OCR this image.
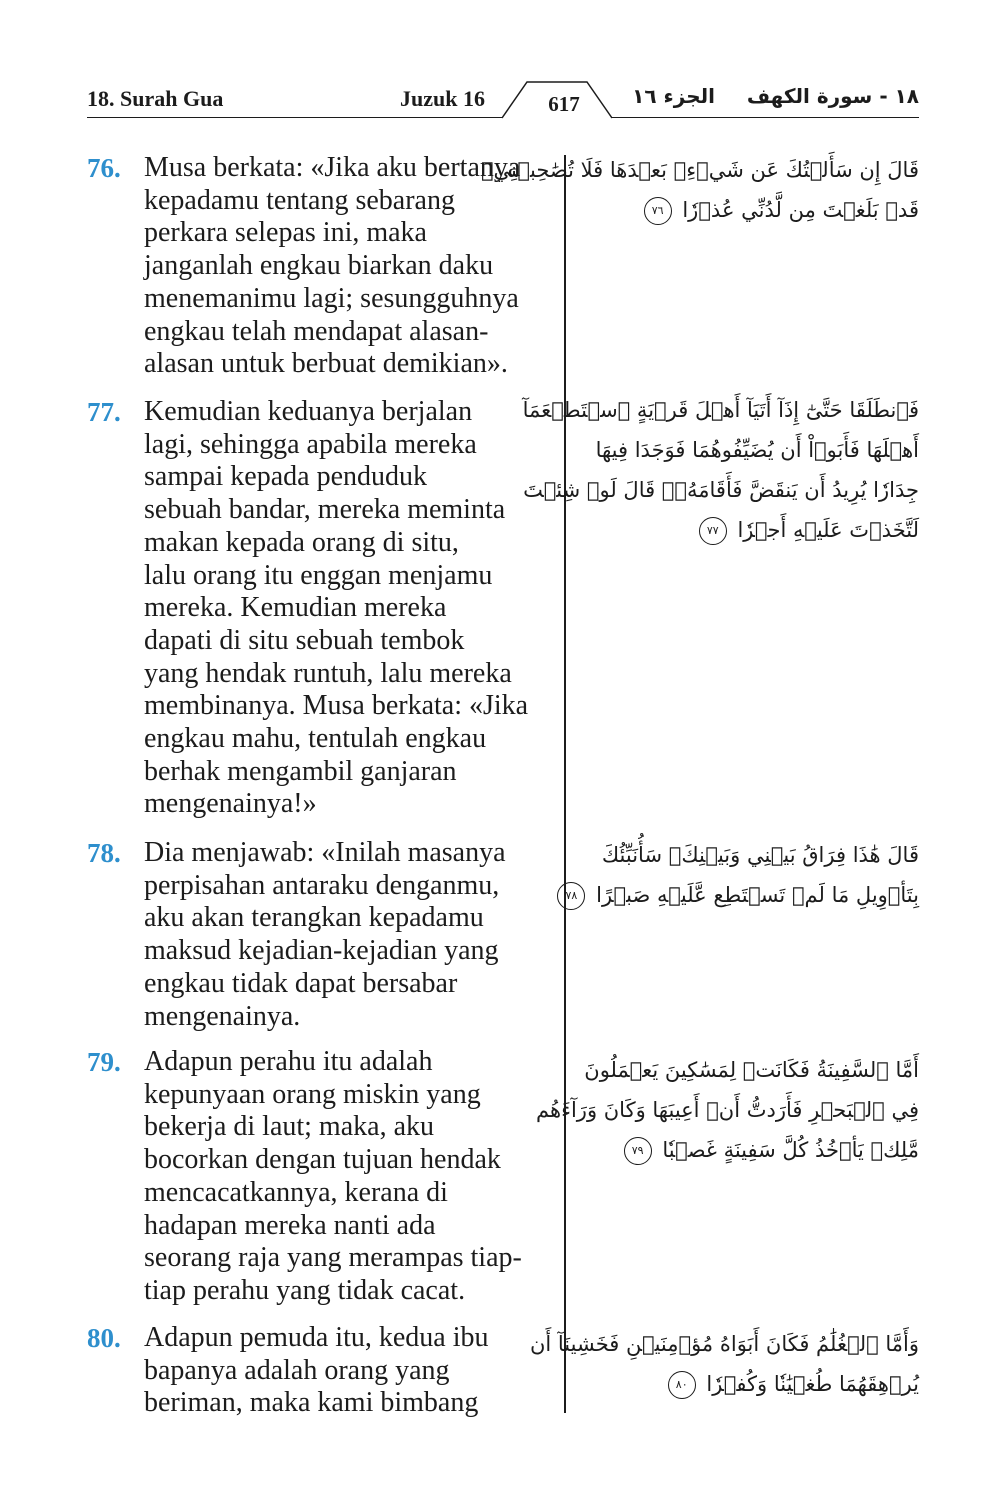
18. Surah Gua	Juzuk 16	617	الجزء ١٦	١٨ - سورة الكهف
76. Musa berkata: «Jika aku bertanya
kepadamu tentang sebarang
perkara selepas ini, maka
janganlah engkau biarkan daku
menemanimu lagi; sesungguhnya
engkau telah mendapat alasan-
alasan untuk berbuat demikian».
قَالَ إِن سَأَلۡتُكَ عَن شَيۡءِۭ بَعۡدَهَا فَلَا تُصَٰحِبۡنِيۖ
قَدۡ بَلَغۡتَ مِن لَّدُنِّي عُذۡرٗا ٧٦
77. Kemudian keduanya berjalan
lagi, sehingga apabila mereka
sampai kepada penduduk
sebuah bandar, mereka meminta
makan kepada orang di situ,
lalu orang itu enggan menjamu
mereka. Kemudian mereka
dapati di situ sebuah tembok
yang hendak runtuh, lalu mereka
membinanya. Musa berkata: «Jika
engkau mahu, tentulah engkau
berhak mengambil ganjaran
mengenainya!»
فَٱنطَلَقَا حَتَّىٰٓ إِذَآ أَتَيَآ أَهۡلَ قَرۡيَةٍ ٱسۡتَطۡعَمَآ
أَهۡلَهَا فَأَبَوۡاْ أَن يُضَيِّفُوهُمَا فَوَجَدَا فِيهَا
جِدَارٗا يُرِيدُ أَن يَنقَضَّ فَأَقَامَهُۥۖ قَالَ لَوۡ شِئۡتَ
لَتَّخَذۡتَ عَلَيۡهِ أَجۡرٗا ٧٧
78. Dia menjawab: «Inilah masanya
perpisahan antaraku denganmu,
aku akan terangkan kepadamu
maksud kejadian-kejadian yang
engkau tidak dapat bersabar
mengenainya.
قَالَ هَٰذَا فِرَاقُ بَيۡنِي وَبَيۡنِكَۚ سَأُنَبِّئُكَ
بِتَأۡوِيلِ مَا لَمۡ تَسۡتَطِع عَّلَيۡهِ صَبۡرًا ٧٨
79. Adapun perahu itu adalah
kepunyaan orang miskin yang
bekerja di laut; maka, aku
bocorkan dengan tujuan hendak
mencacatkannya, kerana di
hadapan mereka nanti ada
seorang raja yang merampas tiap-
tiap perahu yang tidak cacat.
أَمَّا ٱلسَّفِينَةُ فَكَانَتۡ لِمَسَٰكِينَ يَعۡمَلُونَ
فِي ٱلۡبَحۡرِ فَأَرَدتُّ أَنۡ أَعِيبَهَا وَكَانَ وَرَآءَهُم
مَّلِكٞ يَأۡخُذُ كُلَّ سَفِينَةٍ غَصۡبٗا ٧٩
80. Adapun pemuda itu, kedua ibu
bapanya adalah orang yang
beriman, maka kami bimbang
وَأَمَّا ٱلۡغُلَٰمُ فَكَانَ أَبَوَاهُ مُؤۡمِنَيۡنِ فَخَشِينَآ أَن
يُرۡهِقَهُمَا طُغۡيَٰنٗا وَكُفۡرٗا ٨٠
